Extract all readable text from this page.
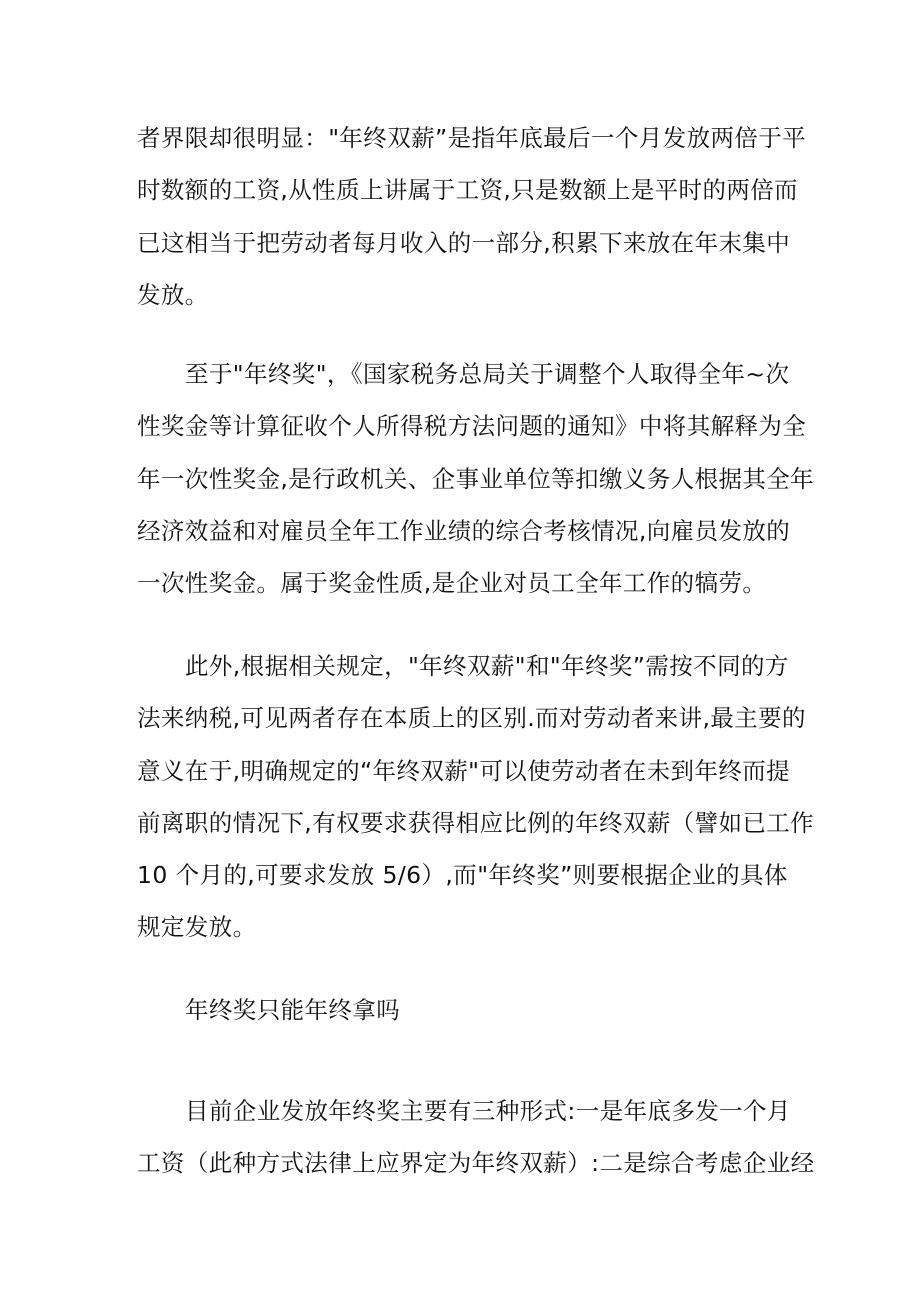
者界限却很明显："年终双薪”是指年底最后一个月发放两倍于平
时数额的工资,从性质上讲属于工资,只是数额上是平时的两倍而
已这相当于把劳动者每月收入的一部分,积累下来放在年末集中
发放。
至于"年终奖"，《国家税务总局关于调整个人取得全年~次
性奖金等计算征收个人所得税方法问题的通知》中将其解释为全
年一次性奖金,是行政机关、企事业单位等扣缴义务人根据其全年
经济效益和对雇员全年工作业绩的综合考核情况,向雇员发放的
一次性奖金。属于奖金性质,是企业对员工全年工作的犒劳。
此外,根据相关规定，"年终双薪"和"年终奖”需按不同的方
法来纳税,可见两者存在本质上的区别.而对劳动者来讲,最主要的
意义在于,明确规定的“年终双薪"可以使劳动者在未到年终而提
前离职的情况下,有权要求获得相应比例的年终双薪（譬如已工作
10 个月的,可要求发放 5/6）,而"年终奖”则要根据企业的具体
规定发放。
年终奖只能年终拿吗
目前企业发放年终奖主要有三种形式:一是年底多发一个月
工资（此种方式法律上应界定为年终双薪）:二是综合考虑企业经
